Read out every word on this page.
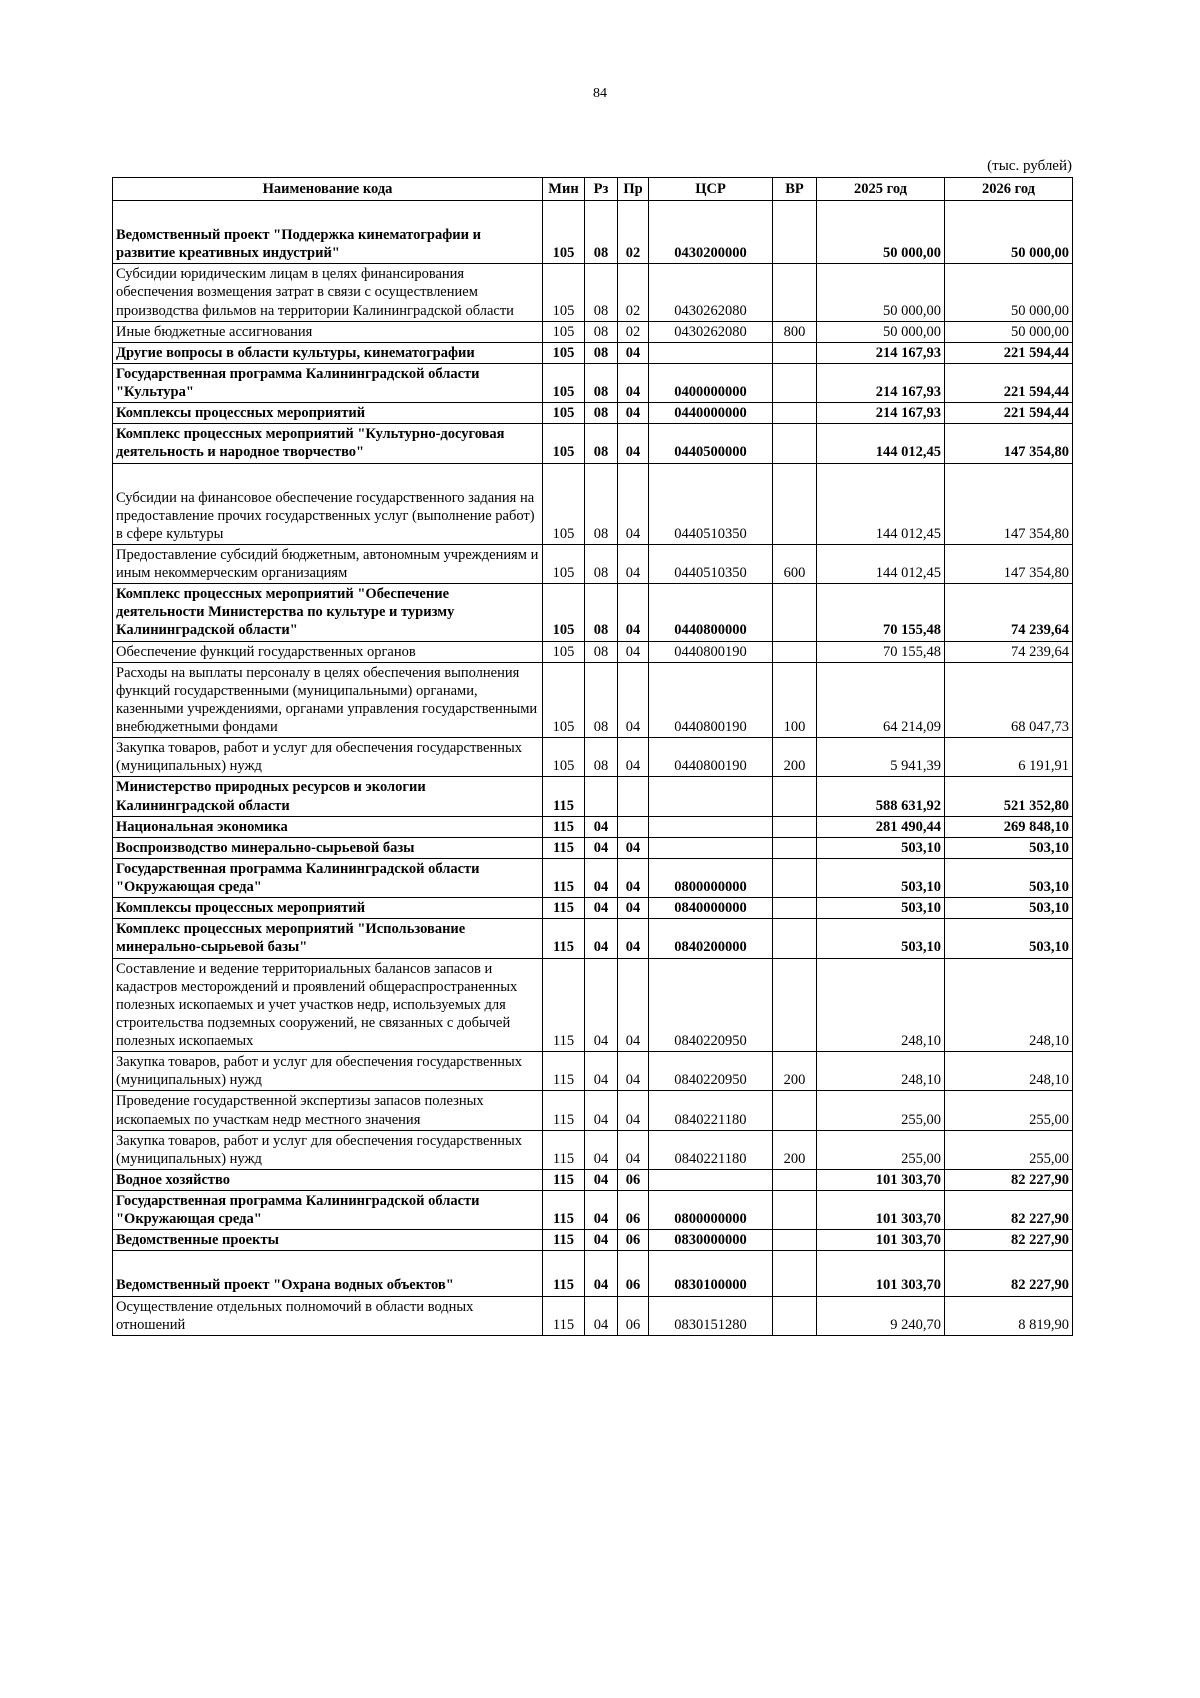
84
(тыс. рублей)
Наименование кода	Мин	Рз	Пр	ЦСР	ВР	2025 год	2026 год

Ведомственный проект "Поддержка кинематографии и развитие креативных индустрий"	105	08	02	0430200000		50 000,00	50 000,00
Субсидии юридическим лицам в целях финансирования обеспечения возмещения затрат в связи с осуществлением производства фильмов на территории Калининградской области	105	08	02	0430262080		50 000,00	50 000,00
Иные бюджетные ассигнования	105	08	02	0430262080	800	50 000,00	50 000,00
Другие вопросы в области культуры, кинематографии	105	08	04			214 167,93	221 594,44
Государственная программа Калининградской области "Культура"	105	08	04	0400000000		214 167,93	221 594,44
Комплексы процессных мероприятий	105	08	04	0440000000		214 167,93	221 594,44
Комплекс процессных мероприятий "Культурно-досуговая деятельность и народное творчество"	105	08	04	0440500000		144 012,45	147 354,80

Субсидии на финансовое обеспечение государственного задания на предоставление прочих государственных услуг (выполнение работ) в сфере культуры	105	08	04	0440510350		144 012,45	147 354,80
Предоставление субсидий бюджетным, автономным учреждениям и иным некоммерческим организациям	105	08	04	0440510350	600	144 012,45	147 354,80
Комплекс процессных мероприятий "Обеспечение деятельности Министерства по культуре и туризму Калининградской области"	105	08	04	0440800000		70 155,48	74 239,64
Обеспечение функций государственных органов	105	08	04	0440800190		70 155,48	74 239,64
Расходы на выплаты персоналу в целях обеспечения выполнения функций государственными (муниципальными) органами, казенными учреждениями, органами управления государственными внебюджетными фондами	105	08	04	0440800190	100	64 214,09	68 047,73
Закупка товаров, работ и услуг для обеспечения государственных (муниципальных) нужд	105	08	04	0440800190	200	5 941,39	6 191,91
Министерство природных ресурсов и экологии Калининградской области	115					588 631,92	521 352,80
Национальная экономика	115	04				281 490,44	269 848,10
Воспроизводство минерально-сырьевой базы	115	04	04			503,10	503,10
Государственная программа Калининградской области "Окружающая среда"	115	04	04	0800000000		503,10	503,10
Комплексы процессных мероприятий	115	04	04	0840000000		503,10	503,10
Комплекс процессных мероприятий "Использование минерально-сырьевой базы"	115	04	04	0840200000		503,10	503,10
Составление и ведение территориальных балансов запасов и кадастров месторождений и проявлений общераспространенных полезных ископаемых и учет участков недр, используемых для строительства подземных сооружений, не связанных с добычей полезных ископаемых	115	04	04	0840220950		248,10	248,10
Закупка товаров, работ и услуг для обеспечения государственных (муниципальных) нужд	115	04	04	0840220950	200	248,10	248,10
Проведение государственной экспертизы запасов полезных ископаемых по участкам недр местного значения	115	04	04	0840221180		255,00	255,00
Закупка товаров, работ и услуг для обеспечения государственных (муниципальных) нужд	115	04	04	0840221180	200	255,00	255,00
Водное хозяйство	115	04	06			101 303,70	82 227,90
Государственная программа Калининградской области "Окружающая среда"	115	04	06	0800000000		101 303,70	82 227,90
Ведомственные проекты	115	04	06	0830000000		101 303,70	82 227,90

Ведомственный проект "Охрана водных объектов"	115	04	06	0830100000		101 303,70	82 227,90
Осуществление отдельных полномочий в области водных отношений	115	04	06	0830151280		9 240,70	8 819,90
